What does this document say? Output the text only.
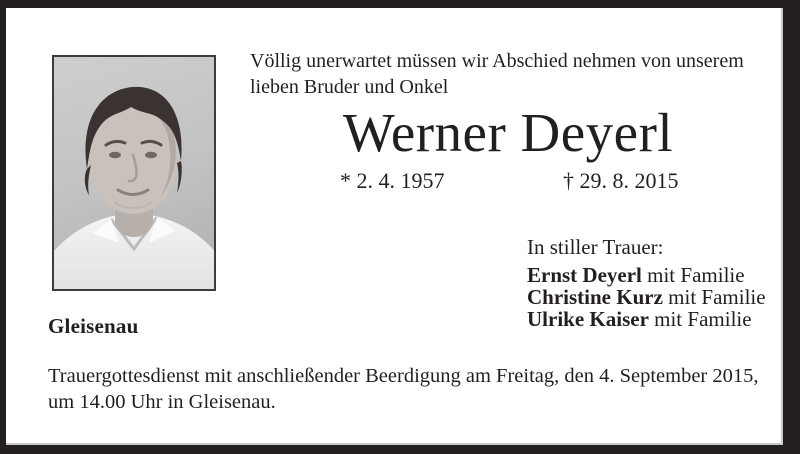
Gleisenau
Völlig unerwartet müssen wir Abschied nehmen von unserem lieben Bruder und Onkel
Werner Deyerl
* 2. 4. 1957	† 29. 8. 2015
In stiller Trauer:
Ernst Deyerl mit Familie
Christine Kurz mit Familie
Ulrike Kaiser mit Familie
Trauergottesdienst mit anschließender Beerdigung am Freitag, den 4. September 2015,
um 14.00 Uhr in Gleisenau.
